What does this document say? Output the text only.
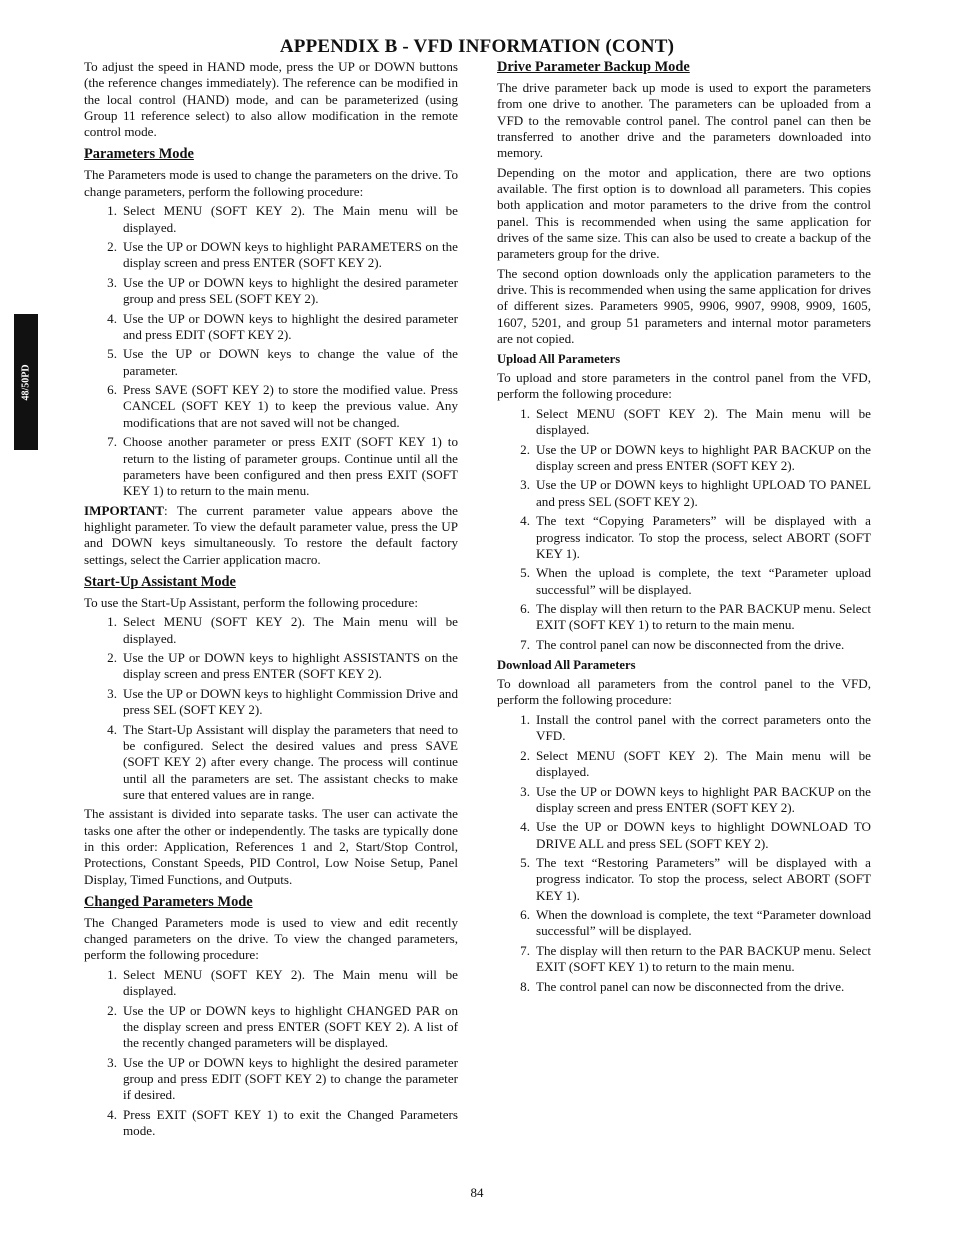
APPENDIX B - VFD INFORMATION (CONT)
48/50PD

To adjust the speed in HAND mode, press the UP or DOWN buttons (the reference changes immediately). The reference can be modified in the local control (HAND) mode, and can be parameterized (using Group 11 reference select) to also allow modification in the remote control mode.

Parameters Mode

The Parameters mode is used to change the parameters on the drive. To change parameters, perform the following procedure:

1. Select MENU (SOFT KEY 2). The Main menu will be displayed.
2. Use the UP or DOWN keys to highlight PARAMETERS on the display screen and press ENTER (SOFT KEY 2).
3. Use the UP or DOWN keys to highlight the desired parameter group and press SEL (SOFT KEY 2).
4. Use the UP or DOWN keys to highlight the desired parameter and press EDIT (SOFT KEY 2).
5. Use the UP or DOWN keys to change the value of the parameter.
6. Press SAVE (SOFT KEY 2) to store the modified value. Press CANCEL (SOFT KEY 1) to keep the previous value. Any modifications that are not saved will not be changed.
7. Choose another parameter or press EXIT (SOFT KEY 1) to return to the listing of parameter groups. Continue until all the parameters have been configured and then press EXIT (SOFT KEY 1) to return to the main menu.

IMPORTANT: The current parameter value appears above the highlight parameter. To view the default parameter value, press the UP and DOWN keys simultaneously. To restore the default factory settings, select the Carrier application macro.

Start-Up Assistant Mode

To use the Start-Up Assistant, perform the following procedure:

1. Select MENU (SOFT KEY 2). The Main menu will be displayed.
2. Use the UP or DOWN keys to highlight ASSISTANTS on the display screen and press ENTER (SOFT KEY 2).
3. Use the UP or DOWN keys to highlight Commission Drive and press SEL (SOFT KEY 2).
4. The Start-Up Assistant will display the parameters that need to be configured. Select the desired values and press SAVE (SOFT KEY 2) after every change. The process will continue until all the parameters are set. The assistant checks to make sure that entered values are in range.

The assistant is divided into separate tasks. The user can activate the tasks one after the other or independently. The tasks are typically done in this order: Application, References 1 and 2, Start/Stop Control, Protections, Constant Speeds, PID Control, Low Noise Setup, Panel Display, Timed Functions, and Outputs.

Changed Parameters Mode

The Changed Parameters mode is used to view and edit recently changed parameters on the drive. To view the changed parameters, perform the following procedure:

1. Select MENU (SOFT KEY 2). The Main menu will be displayed.
2. Use the UP or DOWN keys to highlight CHANGED PAR on the display screen and press ENTER (SOFT KEY 2). A list of the recently changed parameters will be displayed.
3. Use the UP or DOWN keys to highlight the desired parameter group and press EDIT (SOFT KEY 2) to change the parameter if desired.
4. Press EXIT (SOFT KEY 1) to exit the Changed Parameters mode.
Drive Parameter Backup Mode

The drive parameter back up mode is used to export the parameters from one drive to another. The parameters can be uploaded from a VFD to the removable control panel. The control panel can then be transferred to another drive and the parameters downloaded into memory.

Depending on the motor and application, there are two options available. The first option is to download all parameters. This copies both application and motor parameters to the drive from the control panel. This is recommended when using the same application for drives of the same size. This can also be used to create a backup of the parameters group for the drive.

The second option downloads only the application parameters to the drive. This is recommended when using the same application for drives of different sizes. Parameters 9905, 9906, 9907, 9908, 9909, 1605, 1607, 5201, and group 51 parameters and internal motor parameters are not copied.

Upload All Parameters

To upload and store parameters in the control panel from the VFD, perform the following procedure:

1. Select MENU (SOFT KEY 2). The Main menu will be displayed.
2. Use the UP or DOWN keys to highlight PAR BACKUP on the display screen and press ENTER (SOFT KEY 2).
3. Use the UP or DOWN keys to highlight UPLOAD TO PANEL and press SEL (SOFT KEY 2).
4. The text “Copying Parameters” will be displayed with a progress indicator. To stop the process, select ABORT (SOFT KEY 1).
5. When the upload is complete, the text “Parameter upload successful” will be displayed.
6. The display will then return to the PAR BACKUP menu. Select EXIT (SOFT KEY 1) to return to the main menu.
7. The control panel can now be disconnected from the drive.
Download All Parameters

To download all parameters from the control panel to the VFD, perform the following procedure:

1. Install the control panel with the correct parameters onto the VFD.
2. Select MENU (SOFT KEY 2). The Main menu will be displayed.
3. Use the UP or DOWN keys to highlight PAR BACKUP on the display screen and press ENTER (SOFT KEY 2).
4. Use the UP or DOWN keys to highlight DOWNLOAD TO DRIVE ALL and press SEL (SOFT KEY 2).
5. The text “Restoring Parameters” will be displayed with a progress indicator. To stop the process, select ABORT (SOFT KEY 1).
6. When the download is complete, the text “Parameter download successful” will be displayed.
7. The display will then return to the PAR BACKUP menu. Select EXIT (SOFT KEY 1) to return to the main menu.
8. The control panel can now be disconnected from the drive.
84
